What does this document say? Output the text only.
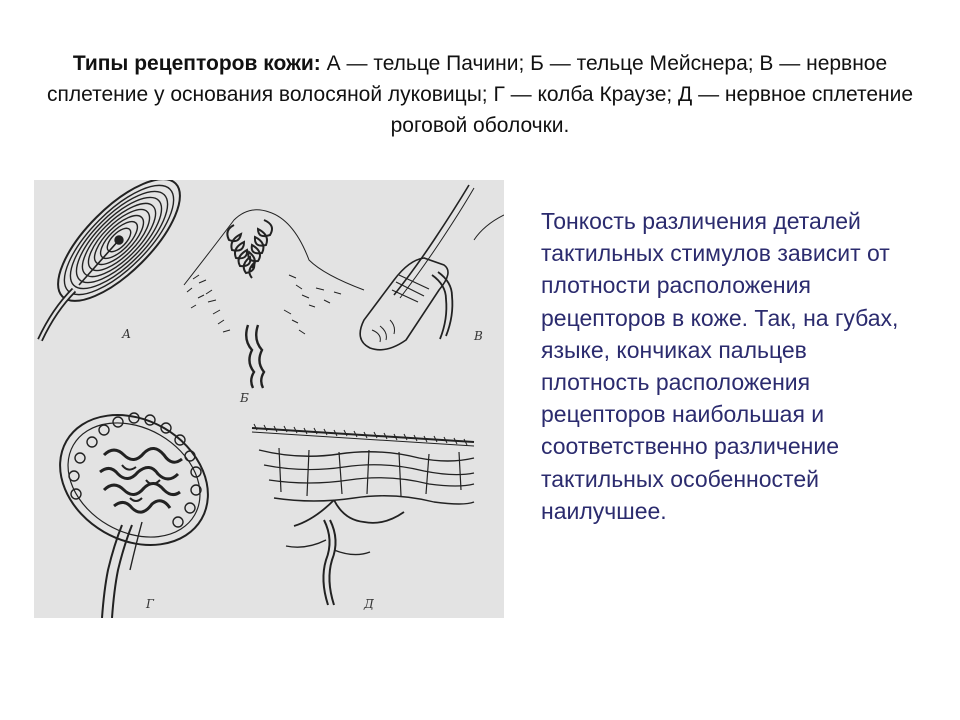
Типы рецепторов кожи: А — тельце Пачини; Б — тельце Мейснера; В — нервное сплетение у основания волосяной луковицы; Г — колба Краузе; Д — нервное сплетение роговой оболочки.
Б
В
А
Г	Д
Тонкость различения деталей тактильных стимулов зависит от плотности расположения рецепторов в коже. Так, на губах, языке, кончиках пальцев плотность расположения рецепторов наибольшая и соответственно различение тактильных особенностей наилучшее.
